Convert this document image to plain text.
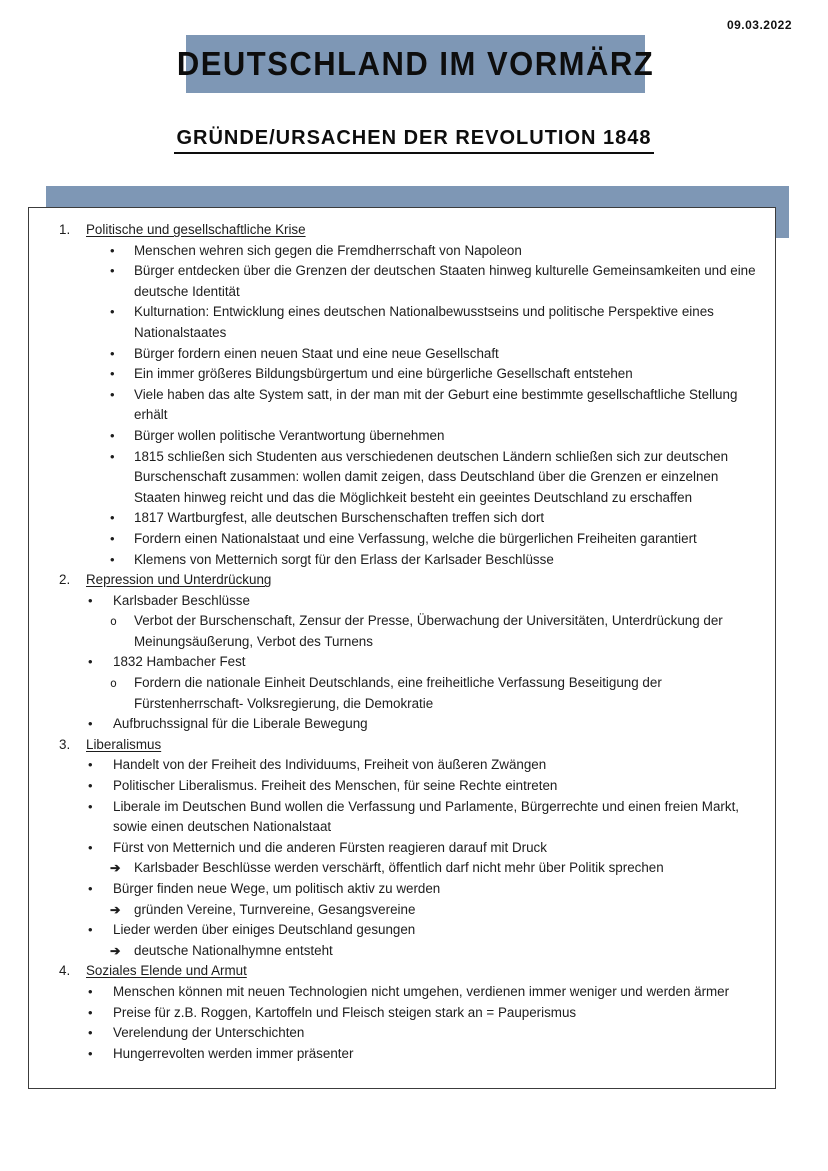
09.03.2022
DEUTSCHLAND IM VORMÄRZ
GRÜNDE/URSACHEN DER REVOLUTION 1848
1.	Politische und gesellschaftliche Krise
• Menschen wehren sich gegen die Fremdherrschaft von Napoleon
• Bürger entdecken über die Grenzen der deutschen Staaten hinweg kulturelle Gemeinsamkeiten und eine deutsche Identität
• Kulturnation: Entwicklung eines deutschen Nationalbewusstseins und politische Perspektive eines Nationalstaates
• Bürger fordern einen neuen Staat und eine neue Gesellschaft
• Ein immer größeres Bildungsbürgertum und eine bürgerliche Gesellschaft entstehen
• Viele haben das alte System satt, in der man mit der Geburt eine bestimmte gesellschaftliche Stellung erhält
• Bürger wollen politische Verantwortung übernehmen
• 1815 schließen sich Studenten aus verschiedenen deutschen Ländern schließen sich zur deutschen Burschenschaft zusammen: wollen damit zeigen, dass Deutschland über die Grenzen er einzelnen Staaten hinweg reicht und das die Möglichkeit besteht ein geeintes Deutschland zu erschaffen
• 1817 Wartburgfest, alle deutschen Burschenschaften treffen sich dort
• Fordern einen Nationalstaat und eine Verfassung, welche die bürgerlichen Freiheiten garantiert
• Klemens von Metternich sorgt für den Erlass der Karlsader Beschlüsse
2.	Repression und Unterdrückung
• Karlsbader Beschlüsse
o Verbot der Burschenschaft, Zensur der Presse, Überwachung der Universitäten, Unterdrückung der Meinungsäußerung, Verbot des Turnens
• 1832 Hambacher Fest
o Fordern die nationale Einheit Deutschlands, eine freiheitliche Verfassung Beseitigung der Fürstenherrschaft- Volksregierung, die Demokratie
• Aufbruchssignal für die Liberale Bewegung
3.	Liberalismus
• Handelt von der Freiheit des Individuums, Freiheit von äußeren Zwängen
• Politischer Liberalismus. Freiheit des Menschen, für seine Rechte eintreten
• Liberale im Deutschen Bund wollen die Verfassung und Parlamente, Bürgerrechte und einen freien Markt, sowie einen deutschen Nationalstaat
• Fürst von Metternich und die anderen Fürsten reagieren darauf mit Druck
➔ Karlsbader Beschlüsse werden verschärft, öffentlich darf nicht mehr über Politik sprechen
• Bürger finden neue Wege, um politisch aktiv zu werden
➔ gründen Vereine, Turnvereine, Gesangsvereine
• Lieder werden über einiges Deutschland gesungen
➔ deutsche Nationalhymne entsteht
4.	Soziales Elende und Armut
• Menschen können mit neuen Technologien nicht umgehen, verdienen immer weniger und werden ärmer
• Preise für z.B. Roggen, Kartoffeln und Fleisch steigen stark an = Pauperismus
• Verelendung der Unterschichten
• Hungerrevolten werden immer präsenter
